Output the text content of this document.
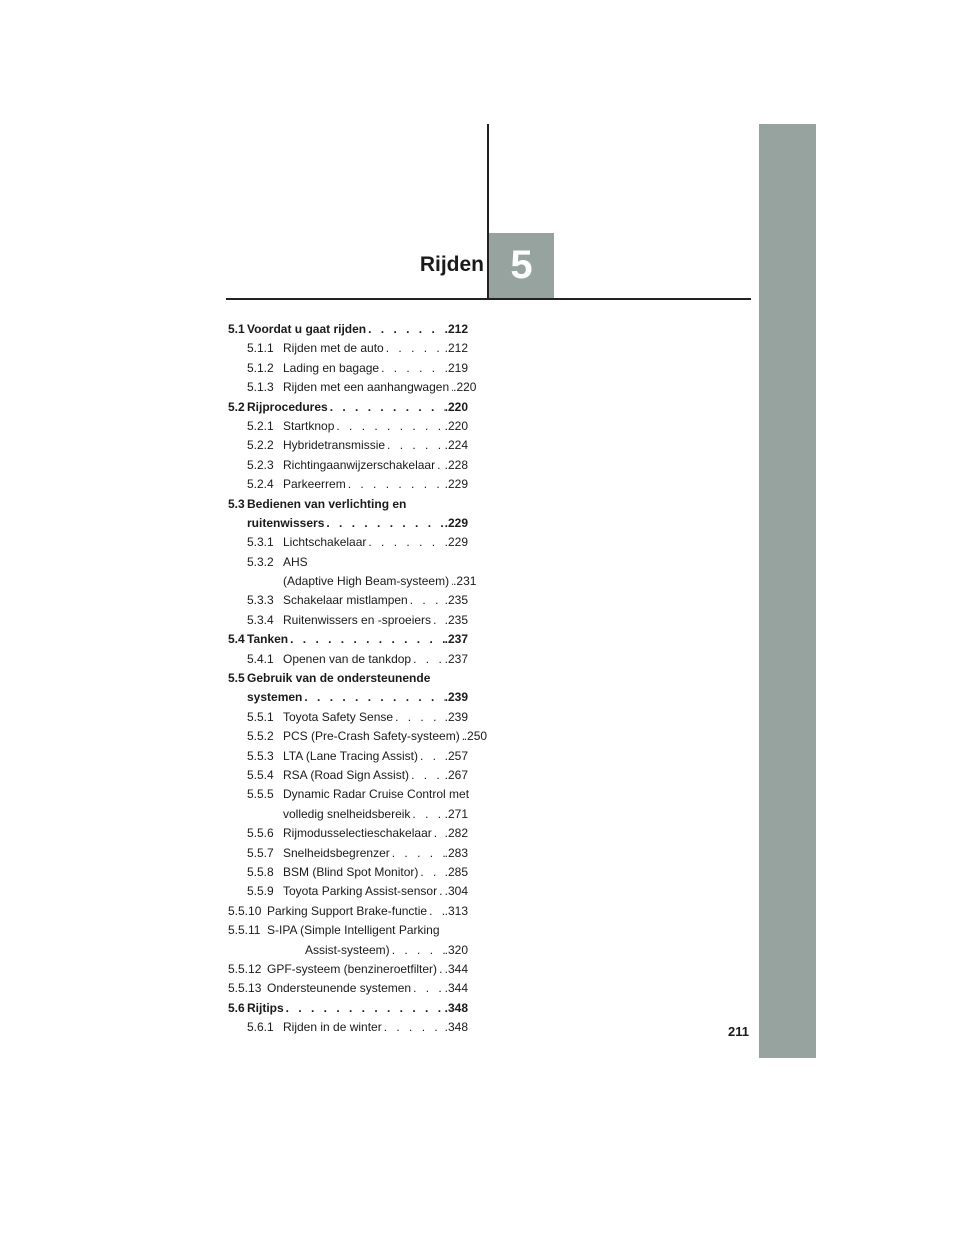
Rijden 5
5.1 Voordat u gaat rijden . . .	.212
5.1.1 Rijden met de auto . . .	.212
5.1.2 Lading en bagage . . .	.219
5.1.3 Rijden met een aanhangwagen . . . .220
5.2 Rijprocedures . . .	.220
5.2.1 Startknop . . .	.220
5.2.2 Hybridetransmissie . . .	.224
5.2.3 Richtingaanwijzerschakelaar . . . .228
5.2.4 Parkeerrem . . .	.229
5.3 Bedienen van verlichting en
ruitenwissers . . .	.229
5.3.1 Lichtschakelaar . . .	.229
5.3.2 AHS
(Adaptive High Beam-systeem) . . . .231
5.3.3 Schakelaar mistlampen . . .	.235
5.3.4 Ruitenwissers en -sproeiers . . . .235
5.4 Tanken . . .	.237
5.4.1 Openen van de tankdop . . .	.237
5.5 Gebruik van de ondersteunende
systemen . . .	.239
5.5.1 Toyota Safety Sense . . .	.239
5.5.2 PCS (Pre-Crash Safety-systeem) . . . .250
5.5.3 LTA (Lane Tracing Assist) . . . .257
5.5.4 RSA (Road Sign Assist) . . .	.267
5.5.5 Dynamic Radar Cruise Control met
volledig snelheidsbereik . . .	.271
5.5.6 Rijmodusselectieschakelaar . . . .282
5.5.7 Snelheidsbegrenzer . . .	.283
5.5.8 BSM (Blind Spot Monitor) . . . .285
5.5.9 Toyota Parking Assist-sensor . . . .304
5.5.10 Parking Support Brake-functie . . . .313
5.5.11 S-IPA (Simple Intelligent Parking
Assist-systeem) . . .	.320
5.5.12 GPF-systeem (benzineroetfilter) . . . .344
5.5.13 Ondersteunende systemen . . .	.344
5.6 Rijtips . . .	.348
5.6.1 Rijden in de winter . . .	.348	211
